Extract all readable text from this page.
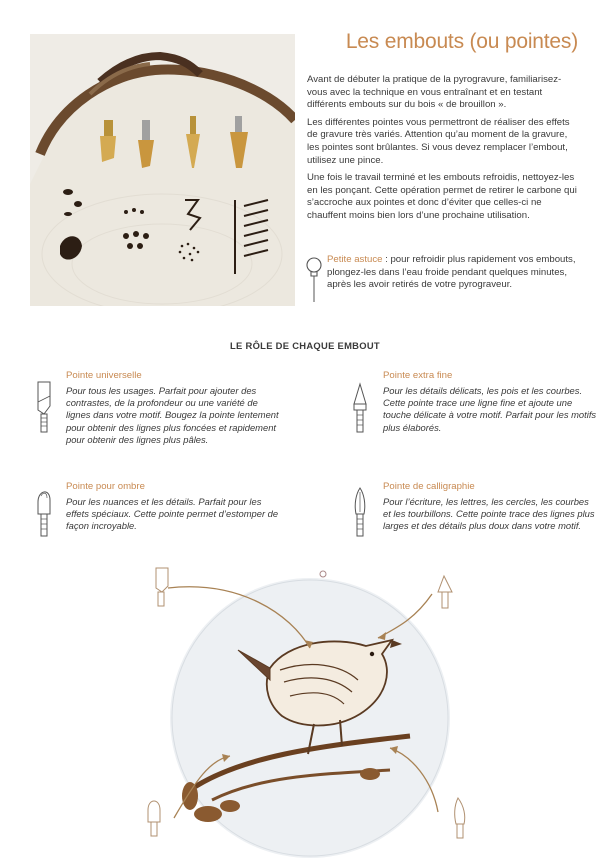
Les embouts (ou pointes)

Avant de débuter la pratique de la pyrogravure, familiarisez-vous avec la technique en vous entraînant et en testant différents embouts sur du bois « de brouillon ».

Les différentes pointes vous permettront de réaliser des effets de gravure très variés. Attention qu’au moment de la gravure, les pointes sont brûlantes. Si vous devez remplacer l’embout, utilisez une pince.

Une fois le travail terminé et les embouts refroidis, nettoyez-les en les ponçant. Cette opération permet de retirer le carbone qui s’accroche aux pointes et donc d’éviter que celles-ci ne chauffent moins bien lors d’une prochaine utilisation.

Petite astuce : pour refroidir plus rapidement vos embouts, plongez-les dans l’eau froide pendant quelques minutes, après les avoir retirés de votre pyrograveur.
LE RÔLE DE CHAQUE EMBOUT
Pointe universelle
Pour tous les usages. Parfait pour ajouter des contrastes, de la profondeur ou une variété de lignes dans votre motif. Bougez la pointe lentement pour obtenir des lignes plus foncées et rapidement pour obtenir des lignes plus pâles.
Pointe extra fine
Pour les détails délicats, les pois et les courbes. Cette pointe trace une ligne fine et ajoute une touche délicate à votre motif. Parfait pour les motifs plus élaborés.
Pointe pour ombre
Pour les nuances et les détails. Parfait pour les effets spéciaux. Cette pointe permet d’estomper de façon incroyable.
Pointe de calligraphie
Pour l’écriture, les lettres, les cercles, les courbes et les tourbillons. Cette pointe trace des lignes plus larges et des détails plus doux dans votre motif.
